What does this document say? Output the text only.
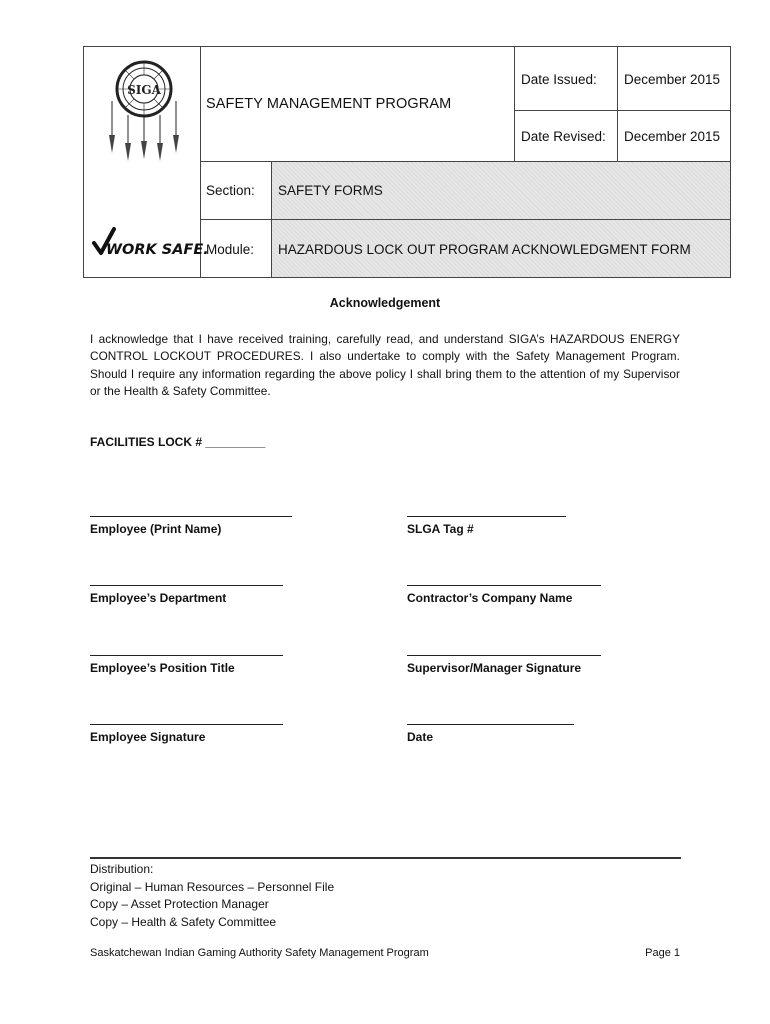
SIGA
WORK SAFE.
SAFETY MANAGEMENT PROGRAM
Date Issued: December 2015
Date Revised: December 2015
Section: SAFETY FORMS
Module: HAZARDOUS LOCK OUT PROGRAM ACKNOWLEDGMENT FORM
Acknowledgement
I acknowledge that I have received training, carefully read, and understand SIGA’s HAZARDOUS ENERGY CONTROL LOCKOUT PROCEDURES. I also undertake to comply with the Safety Management Program. Should I require any information regarding the above policy I shall bring them to the attention of my Supervisor or the Health & Safety Committee.
FACILITIES LOCK # _________
Employee (Print Name)	SLGA Tag #
Employee’s Department	Contractor’s Company Name
Employee’s Position Title	Supervisor/Manager Signature
Employee Signature	Date
Distribution:
Original – Human Resources – Personnel File
Copy – Asset Protection Manager
Copy – Health & Safety Committee
Saskatchewan Indian Gaming Authority Safety Management Program	Page 1
